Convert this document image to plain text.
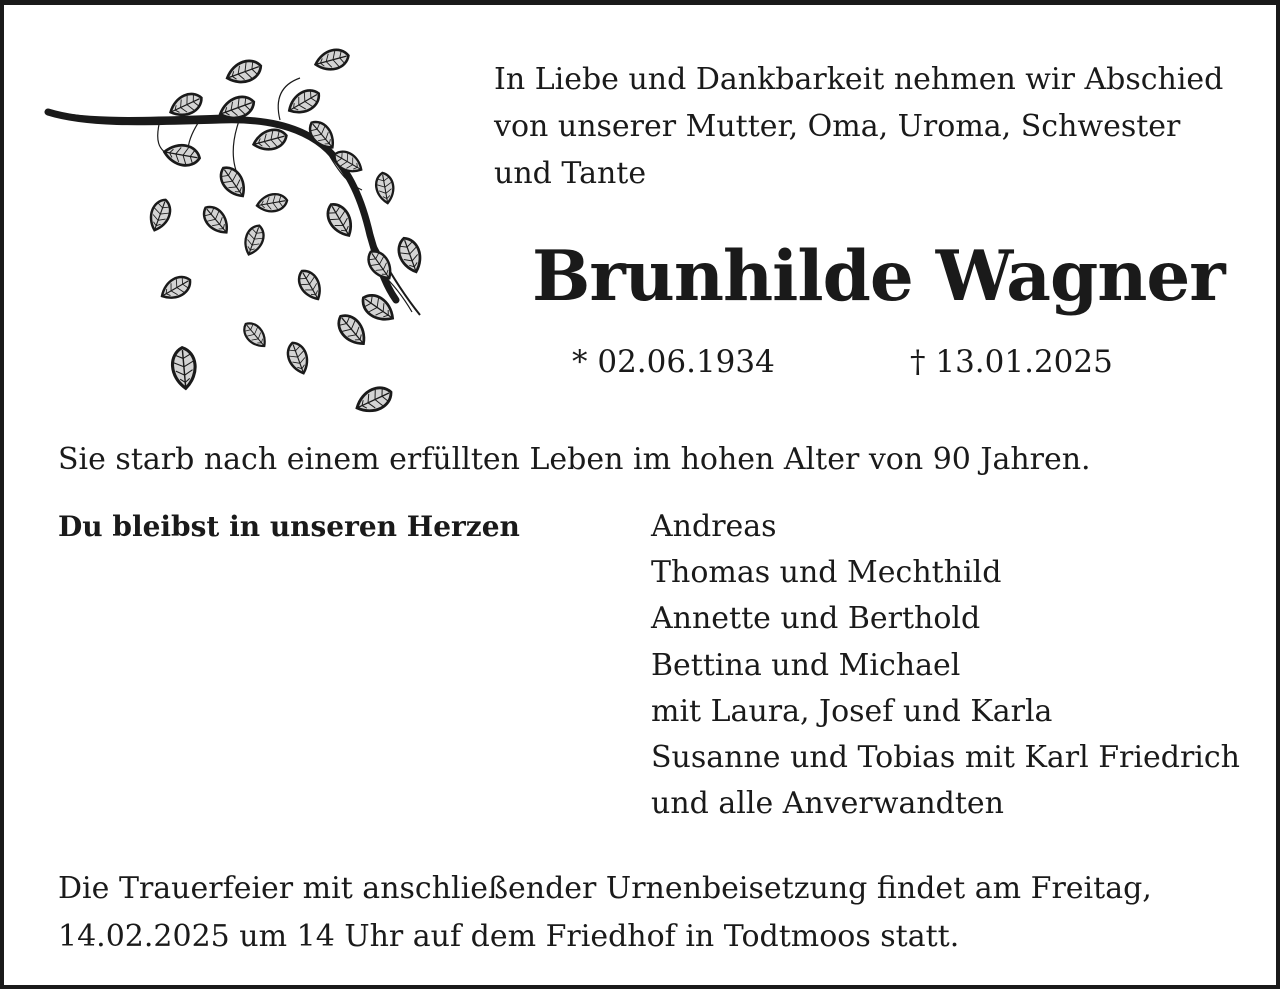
In Liebe und Dankbarkeit nehmen wir Abschied
von unserer Mutter, Oma, Uroma, Schwester
und Tante
Brunhilde Wagner
* 02.06.1934	† 13.01.2025
Sie starb nach einem erfüllten Leben im hohen Alter von 90 Jahren.
Du bleibst in unseren Herzen	Andreas
Thomas und Mechthild
Annette und Berthold
Bettina und Michael
mit Laura, Josef und Karla
Susanne und Tobias mit Karl Friedrich
und alle Anverwandten
Die Trauerfeier mit anschließender Urnenbeisetzung findet am Freitag,
14.02.2025 um 14 Uhr auf dem Friedhof in Todtmoos statt.
